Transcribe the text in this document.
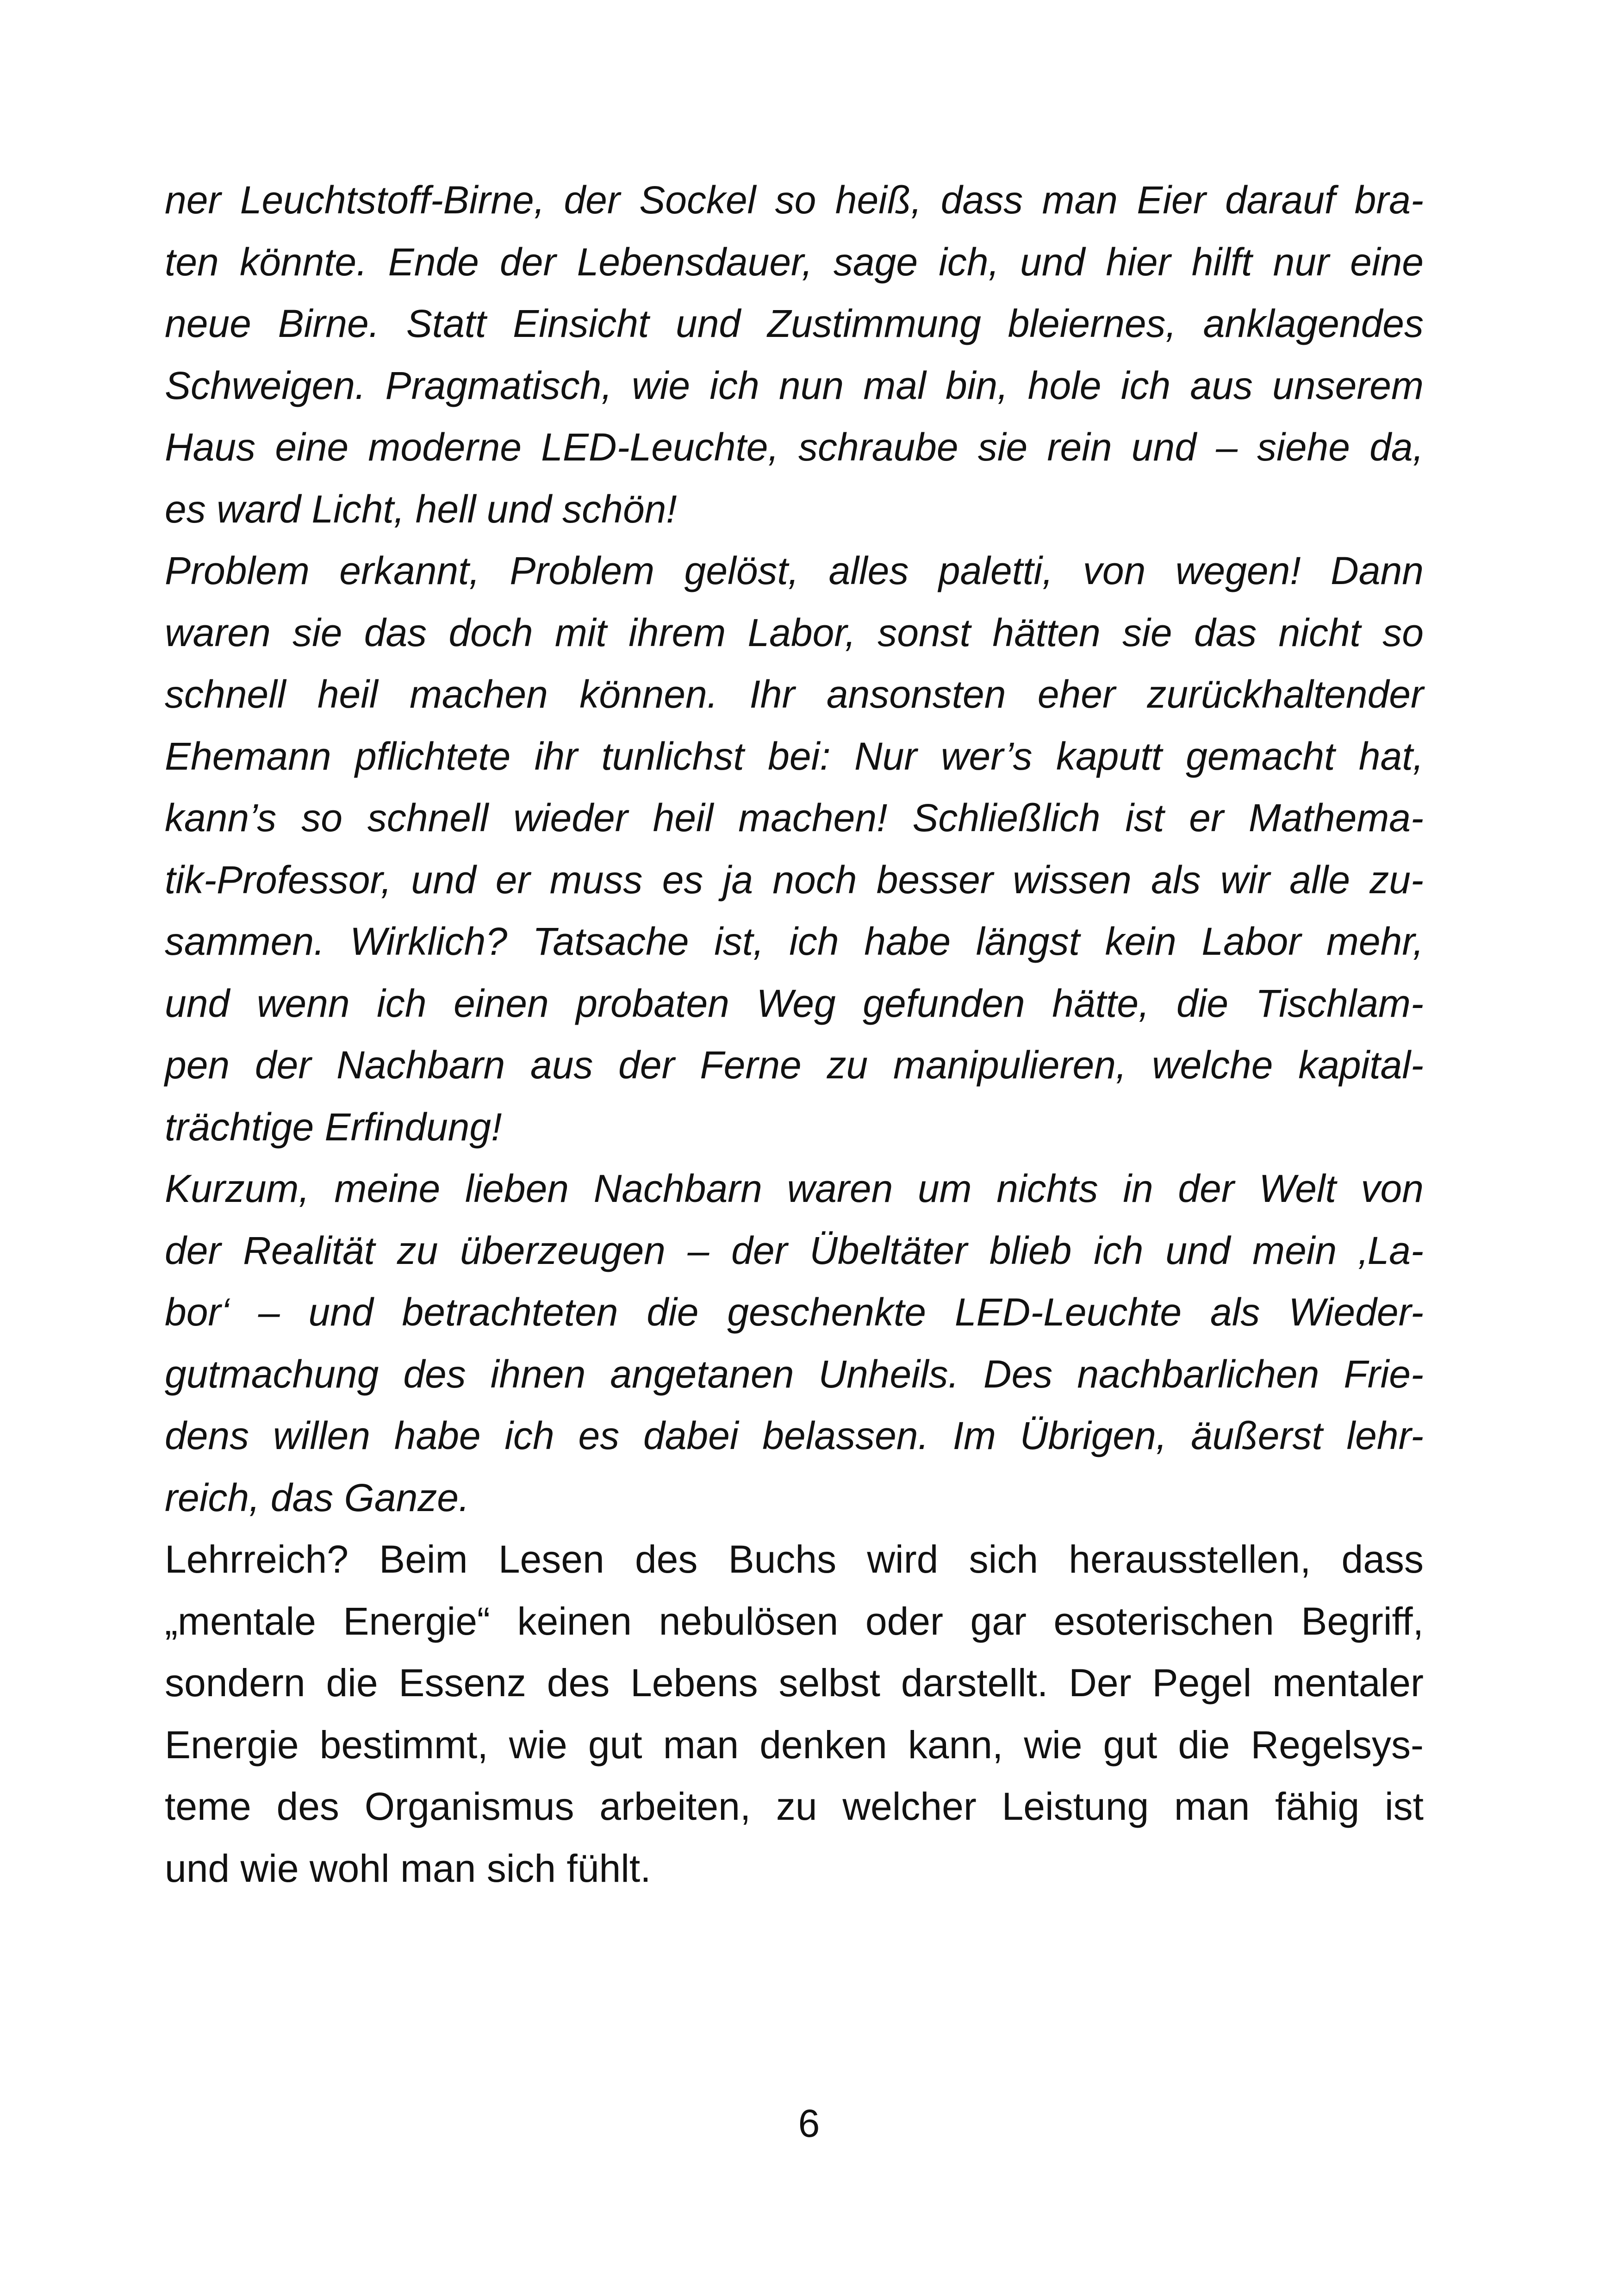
ner Leuchtstoff-Birne, der Sockel so heiß, dass man Eier darauf bra-
ten könnte. Ende der Lebensdauer, sage ich, und hier hilft nur eine
neue Birne. Statt Einsicht und Zustimmung bleiernes, anklagendes
Schweigen. Pragmatisch, wie ich nun mal bin, hole ich aus unserem
Haus eine moderne LED-Leuchte, schraube sie rein und – siehe da,
es ward Licht, hell und schön!
Problem erkannt, Problem gelöst, alles paletti, von wegen! Dann
waren sie das doch mit ihrem Labor, sonst hätten sie das nicht so
schnell heil machen können. Ihr ansonsten eher zurückhaltender
Ehemann pflichtete ihr tunlichst bei: Nur wer’s kaputt gemacht hat,
kann’s so schnell wieder heil machen! Schließlich ist er Mathema-
tik-Professor, und er muss es ja noch besser wissen als wir alle zu-
sammen. Wirklich? Tatsache ist, ich habe längst kein Labor mehr,
und wenn ich einen probaten Weg gefunden hätte, die Tischlam-
pen der Nachbarn aus der Ferne zu manipulieren, welche kapital-
trächtige Erfindung!
Kurzum, meine lieben Nachbarn waren um nichts in der Welt von
der Realität zu überzeugen – der Übeltäter blieb ich und mein ‚La-
bor‘ – und betrachteten die geschenkte LED-Leuchte als Wieder-
gutmachung des ihnen angetanen Unheils. Des nachbarlichen Frie-
dens willen habe ich es dabei belassen. Im Übrigen, äußerst lehr-
reich, das Ganze.
Lehrreich? Beim Lesen des Buchs wird sich herausstellen, dass
„mentale Energie“ keinen nebulösen oder gar esoterischen Begriff,
sondern die Essenz des Lebens selbst darstellt. Der Pegel mentaler
Energie bestimmt, wie gut man denken kann, wie gut die Regelsys-
teme des Organismus arbeiten, zu welcher Leistung man fähig ist
und wie wohl man sich fühlt.
6
